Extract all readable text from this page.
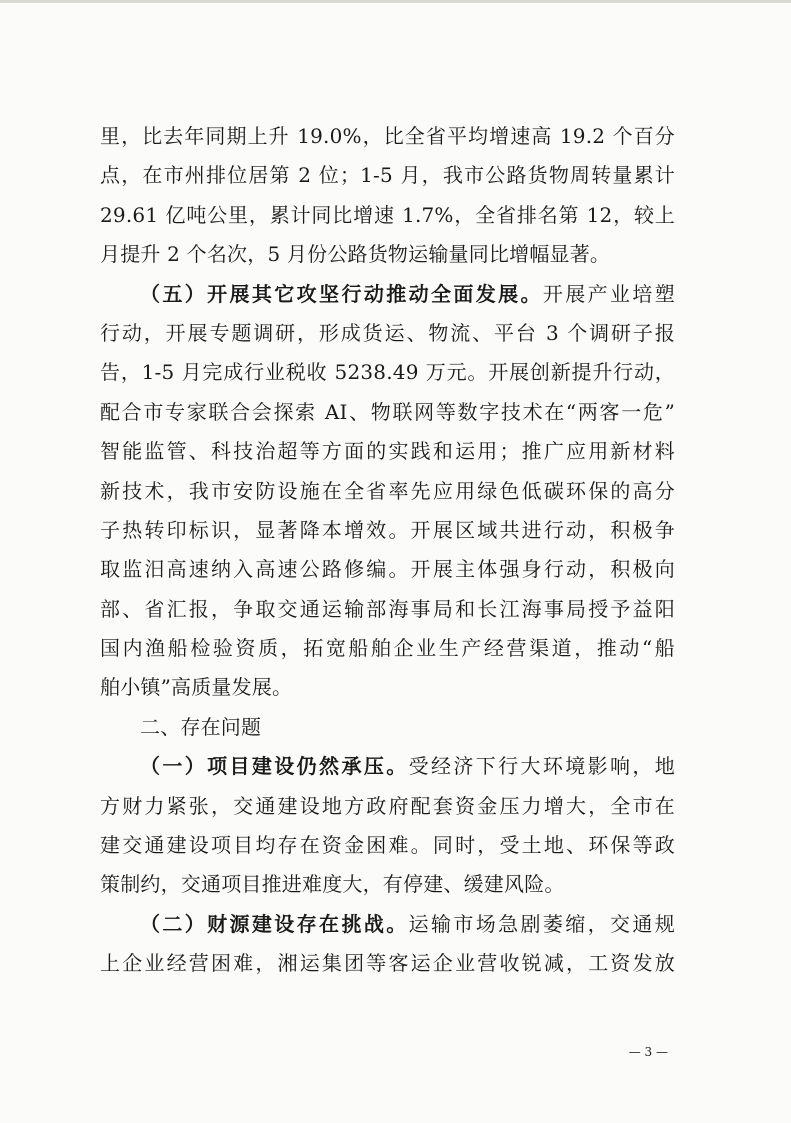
里，比去年同期上升 19.0%，比全省平均增速高 19.2 个百分
点，在市州排位居第 2 位；1-5 月，我市公路货物周转量累计
29.61 亿吨公里，累计同比增速 1.7%，全省排名第 12，较上
月提升 2 个名次，5 月份公路货物运输量同比增幅显著。
（五）开展其它攻坚行动推动全面发展。开展产业培塑
行动，开展专题调研，形成货运、物流、平台 3 个调研子报
告，1-5 月完成行业税收 5238.49 万元。开展创新提升行动，
配合市专家联合会探索 AI、物联网等数字技术在“两客一危”
智能监管、科技治超等方面的实践和运用；推广应用新材料
新技术，我市安防设施在全省率先应用绿色低碳环保的高分
子热转印标识，显著降本增效。开展区域共进行动，积极争
取监汨高速纳入高速公路修编。开展主体强身行动，积极向
部、省汇报，争取交通运输部海事局和长江海事局授予益阳
国内渔船检验资质，拓宽船舶企业生产经营渠道，推动“船
舶小镇”高质量发展。
二、存在问题
（一）项目建设仍然承压。受经济下行大环境影响，地
方财力紧张，交通建设地方政府配套资金压力增大，全市在
建交通建设项目均存在资金困难。同时，受土地、环保等政
策制约，交通项目推进难度大，有停建、缓建风险。
（二）财源建设存在挑战。运输市场急剧萎缩，交通规
上企业经营困难，湘运集团等客运企业营收锐减，工资发放
— 3 —
